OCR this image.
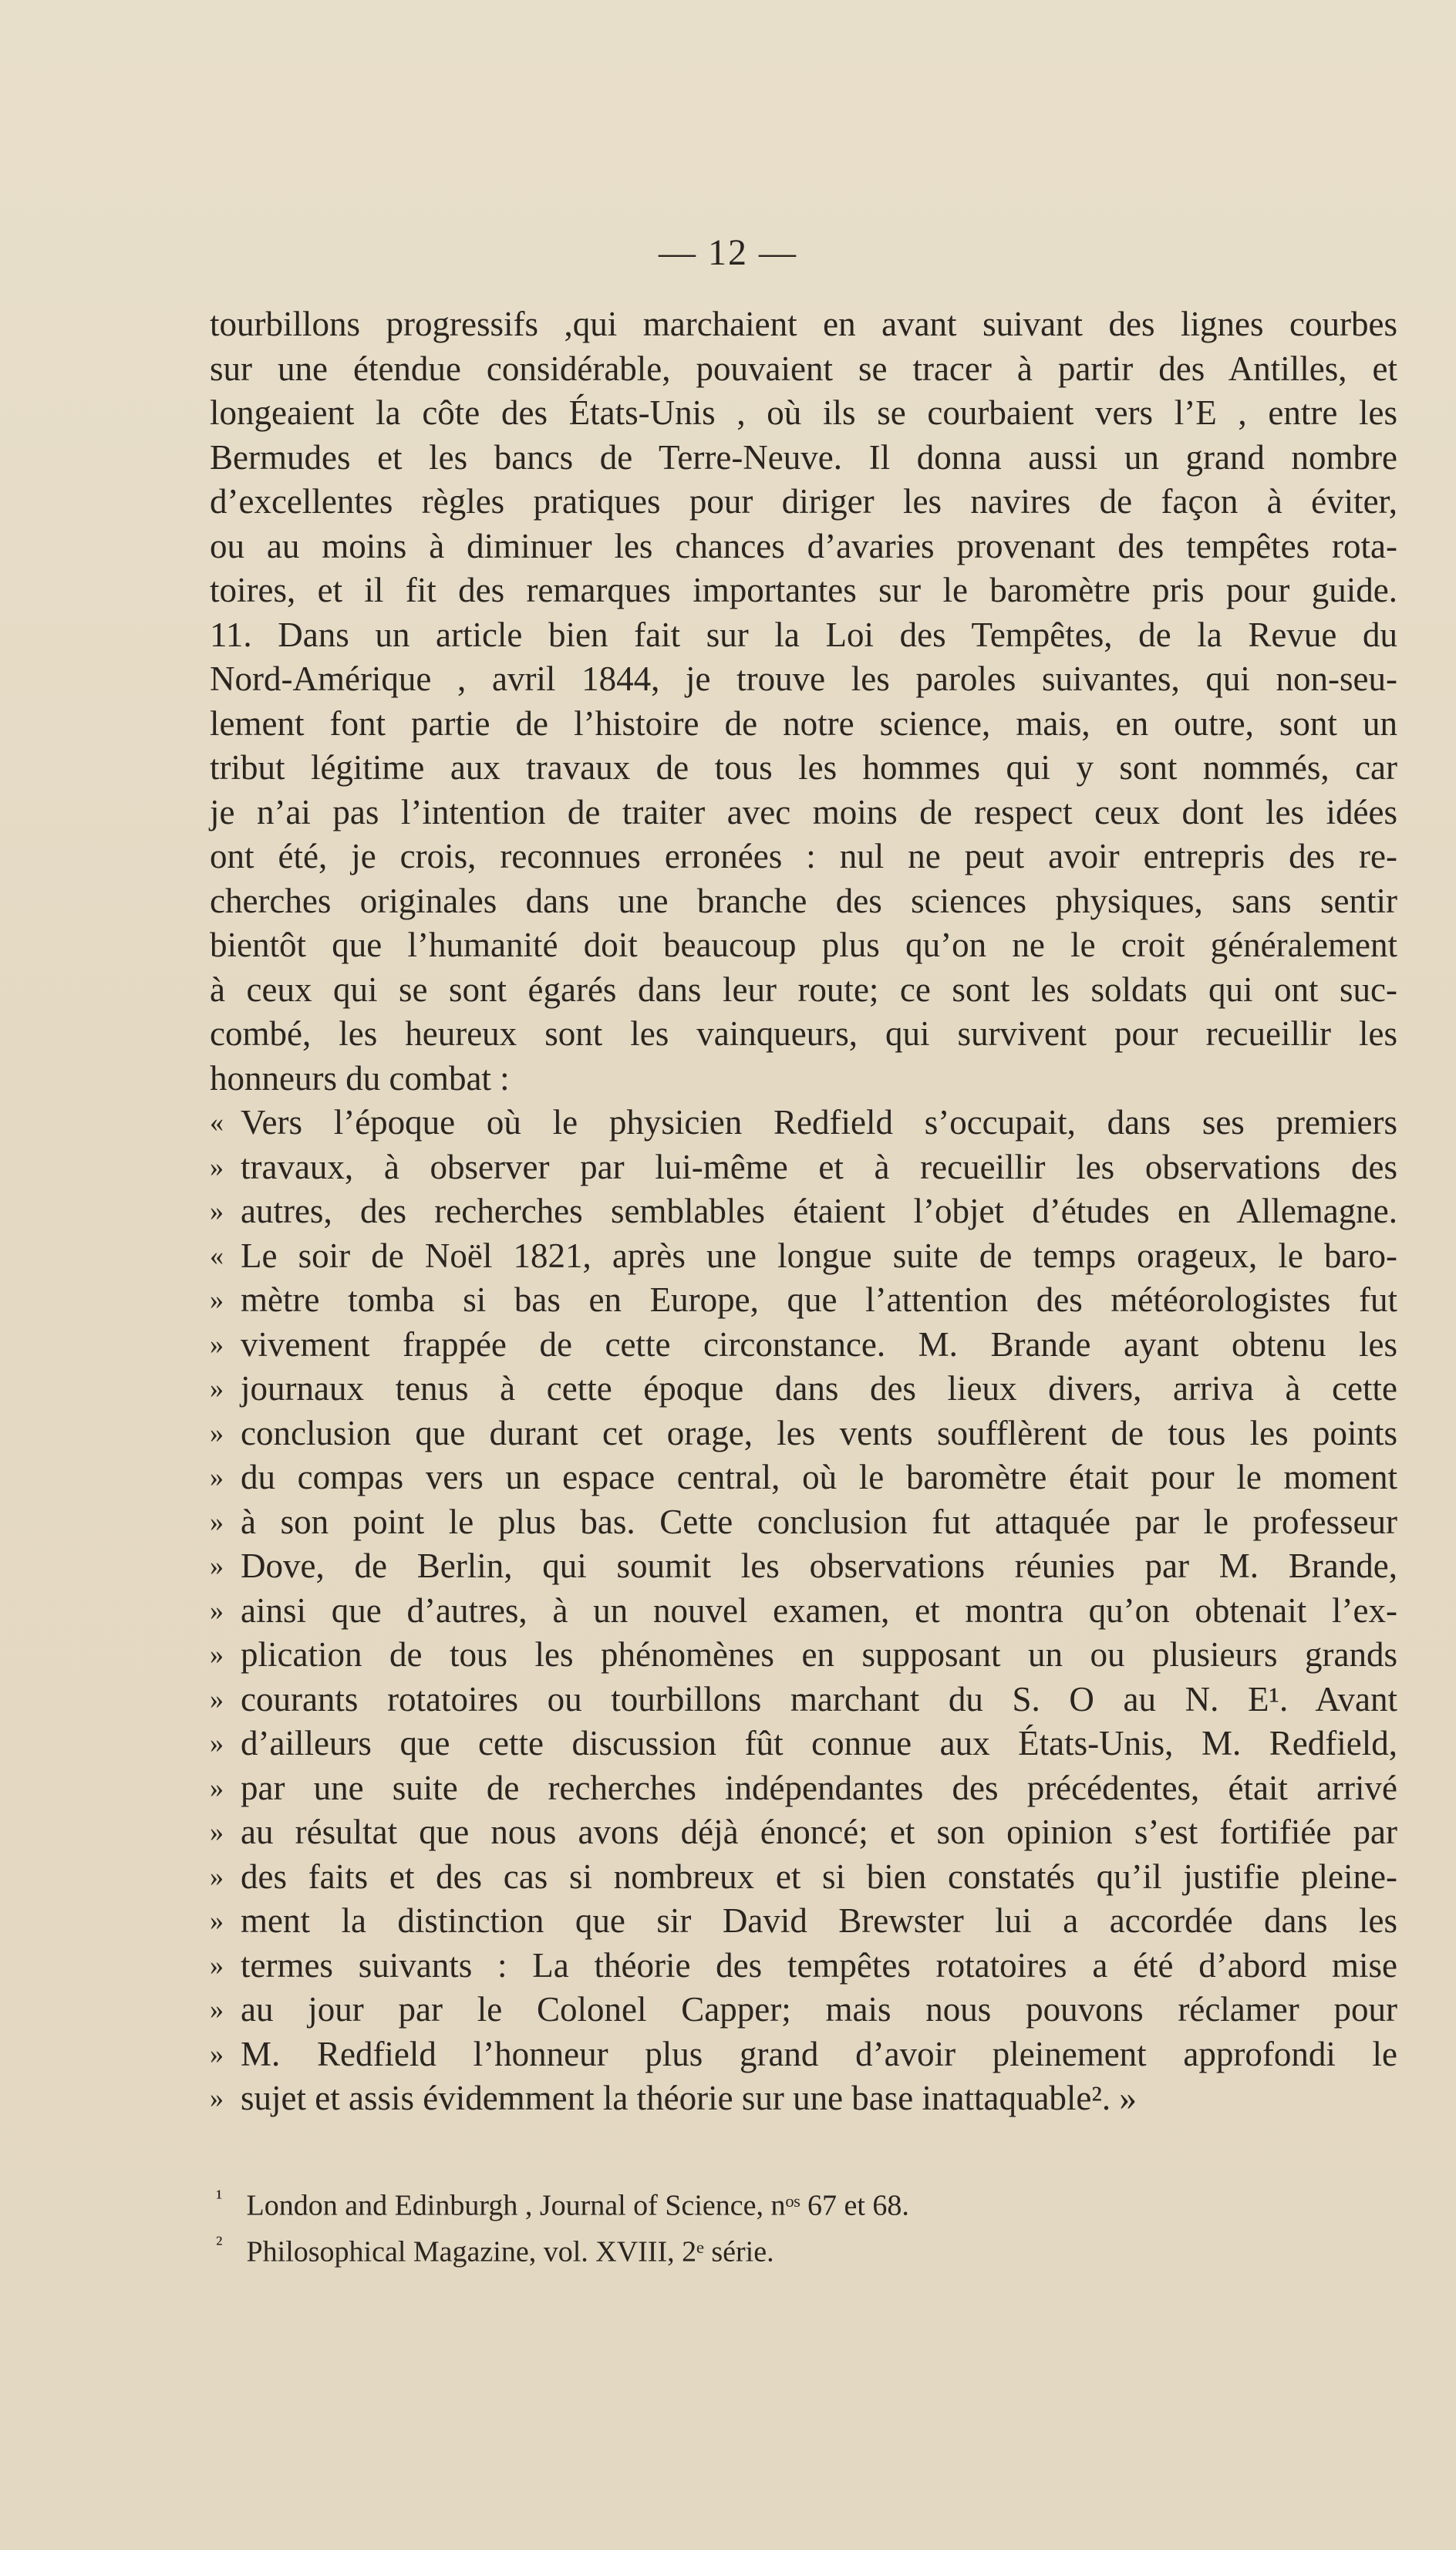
— 12 —
tourbillons progressifs ,qui marchaient en avant suivant des lignes courbes
sur une étendue considérable, pouvaient se tracer à partir des Antilles, et
longeaient la côte des États-Unis , où ils se courbaient vers l’E , entre les
Bermudes et les bancs de Terre-Neuve. Il donna aussi un grand nombre
d’excellentes règles pratiques pour diriger les navires de façon à éviter,
ou au moins à diminuer les chances d’avaries provenant des tempêtes rota-
toires, et il fit des remarques importantes sur le baromètre pris pour guide.
11. Dans un article bien fait sur la Loi des Tempêtes, de la Revue du
Nord-Amérique , avril 1844, je trouve les paroles suivantes, qui non-seu-
lement font partie de l’histoire de notre science, mais, en outre, sont un
tribut légitime aux travaux de tous les hommes qui y sont nommés, car
je n’ai pas l’intention de traiter avec moins de respect ceux dont les idées
ont été, je crois, reconnues erronées : nul ne peut avoir entrepris des re-
cherches originales dans une branche des sciences physiques, sans sentir
bientôt que l’humanité doit beaucoup plus qu’on ne le croit généralement
à ceux qui se sont égarés dans leur route; ce sont les soldats qui ont suc-
combé, les heureux sont les vainqueurs, qui survivent pour recueillir les
honneurs du combat :
« Vers l’époque où le physicien Redfield s’occupait, dans ses premiers
» travaux, à observer par lui-même et à recueillir les observations des
» autres, des recherches semblables étaient l’objet d’études en Allemagne.
« Le soir de Noël 1821, après une longue suite de temps orageux, le baro-
» mètre tomba si bas en Europe, que l’attention des météorologistes fut
» vivement frappée de cette circonstance. M. Brande ayant obtenu les
» journaux tenus à cette époque dans des lieux divers, arriva à cette
» conclusion que durant cet orage, les vents soufflèrent de tous les points
» du compas vers un espace central, où le baromètre était pour le moment
» à son point le plus bas. Cette conclusion fut attaquée par le professeur
» Dove, de Berlin, qui soumit les observations réunies par M. Brande,
» ainsi que d’autres, à un nouvel examen, et montra qu’on obtenait l’ex-
» plication de tous les phénomènes en supposant un ou plusieurs grands
» courants rotatoires ou tourbillons marchant du S. O au N. E¹. Avant
» d’ailleurs que cette discussion fût connue aux États-Unis, M. Redfield,
» par une suite de recherches indépendantes des précédentes, était arrivé
» au résultat que nous avons déjà énoncé; et son opinion s’est fortifiée par
» des faits et des cas si nombreux et si bien constatés qu’il justifie pleine-
» ment la distinction que sir David Brewster lui a accordée dans les
» termes suivants : La théorie des tempêtes rotatoires a été d’abord mise
» au jour par le Colonel Capper; mais nous pouvons réclamer pour
» M. Redfield l’honneur plus grand d’avoir pleinement approfondi le
» sujet et assis évidemment la théorie sur une base inattaquable². »
¹ London and Edinburgh , Journal of Science, nᵒˢ 67 et 68.
² Philosophical Magazine, vol. XVIII, 2ᵉ série.
